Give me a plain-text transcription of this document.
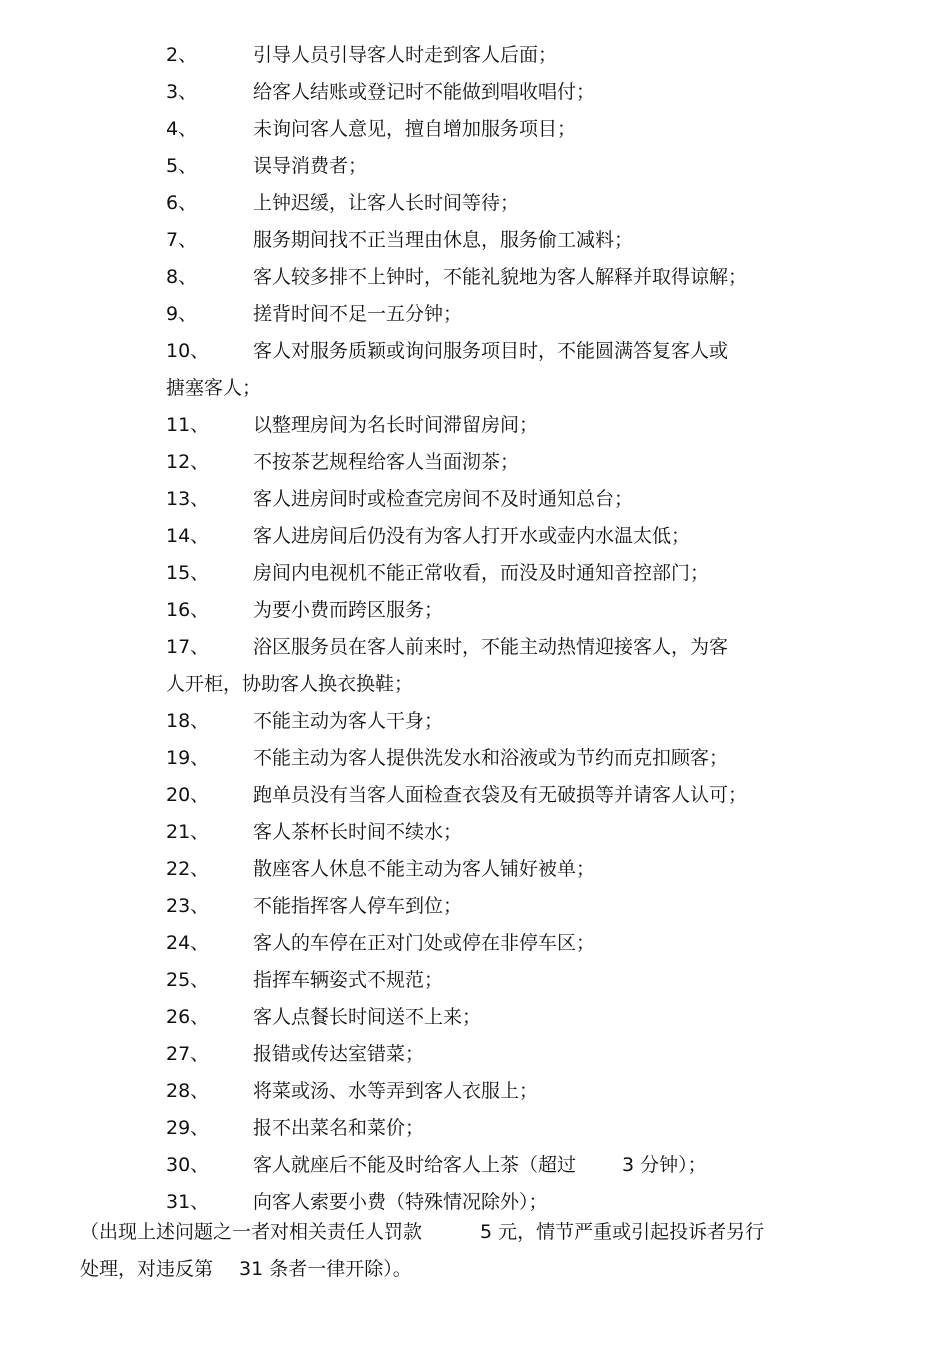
2、	引导人员引导客人时走到客人后面；
3、	给客人结账或登记时不能做到唱收唱付；
4、	未询问客人意见，擅自增加服务项目；
5、	误导消费者；
6、	上钟迟缓，让客人长时间等待；
7、	服务期间找不正当理由休息，服务偷工减料；
8、	客人较多排不上钟时，不能礼貌地为客人解释并取得谅解；
9、	搓背时间不足一五分钟；
10、 客人对服务质颖或询问服务项目时，不能圆满答复客人或
搪塞客人；
11、 以整理房间为名长时间滞留房间；
12、 不按茶艺规程给客人当面沏茶；
13、 客人进房间时或检查完房间不及时通知总台；
14、 客人进房间后仍没有为客人打开水或壶内水温太低；
15、 房间内电视机不能正常收看，而没及时通知音控部门；
16、 为要小费而跨区服务；
17、 浴区服务员在客人前来时，不能主动热情迎接客人，为客
人开柜，协助客人换衣换鞋；
18、 不能主动为客人干身；
19、 不能主动为客人提供洗发水和浴液或为节约而克扣顾客；
20、 跑单员没有当客人面检查衣袋及有无破损等并请客人认可；
21、 客人茶杯长时间不续水；
22、 散座客人休息不能主动为客人铺好被单；
23、 不能指挥客人停车到位；
24、 客人的车停在正对门处或停在非停车区；
25、 指挥车辆姿式不规范；
26、 客人点餐长时间送不上来；
27、 报错或传达室错菜；
28、 将菜或汤、水等弄到客人衣服上；
29、 报不出菜名和菜价；
30、 客人就座后不能及时给客人上茶（超过 3 分钟）；
31、 向客人索要小费（特殊情况除外）；
（出现上述问题之一者对相关责任人罚款	5 元，情节严重或引起投诉者另行
处理，对违反第 31 条者一律开除）。
